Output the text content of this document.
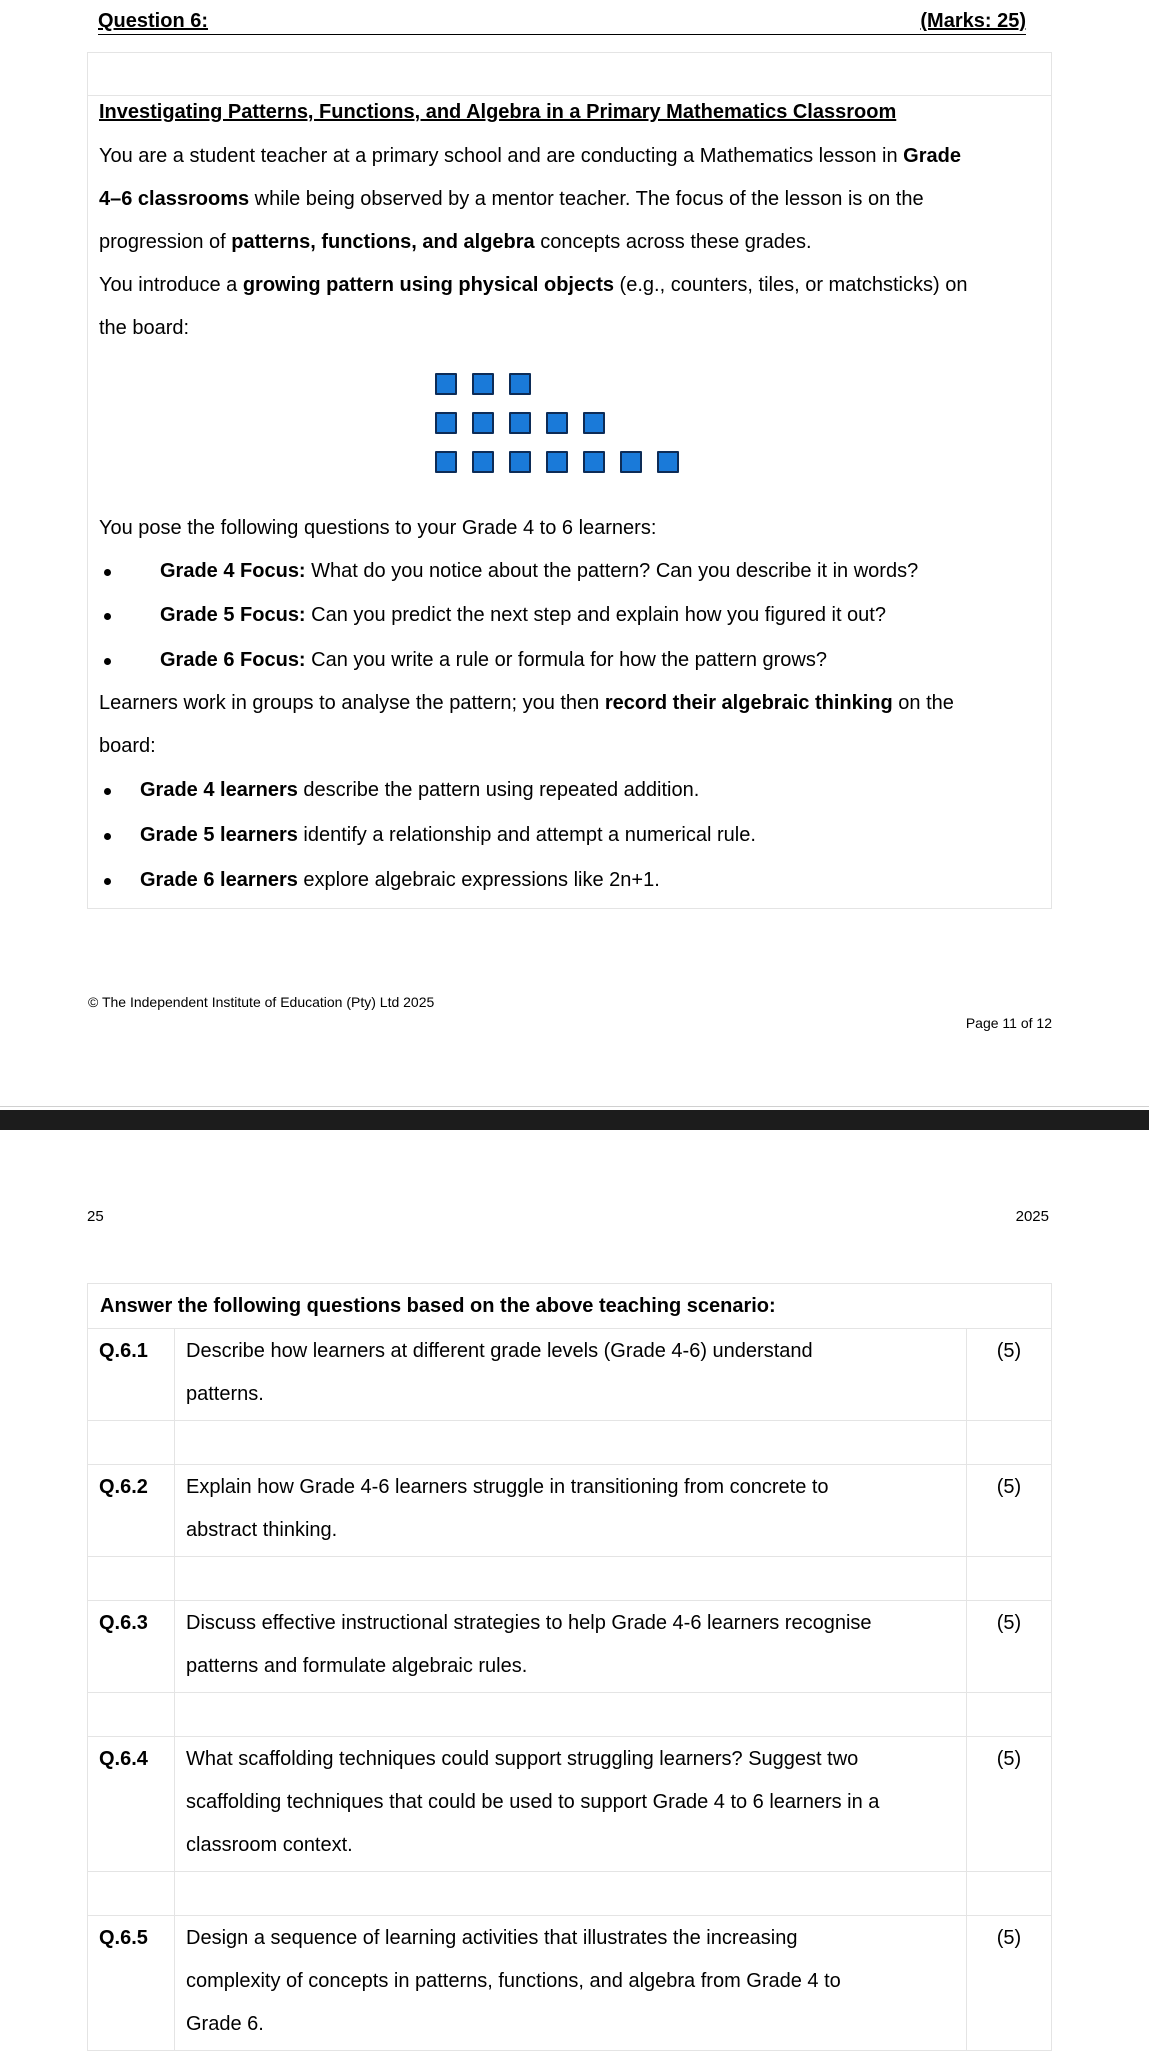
Question 6:	(Marks: 25)
Investigating Patterns, Functions, and Algebra in a Primary Mathematics Classroom
You are a student teacher at a primary school and are conducting a Mathematics lesson in Grade
4–6 classrooms while being observed by a mentor teacher. The focus of the lesson is on the
progression of patterns, functions, and algebra concepts across these grades.
You introduce a growing pattern using physical objects (e.g., counters, tiles, or matchsticks) on
the board:
You pose the following questions to your Grade 4 to 6 learners:
Grade 4 Focus: What do you notice about the pattern? Can you describe it in words?
Grade 5 Focus: Can you predict the next step and explain how you figured it out?
Grade 6 Focus: Can you write a rule or formula for how the pattern grows?
Learners work in groups to analyse the pattern; you then record their algebraic thinking on the
board:
Grade 4 learners describe the pattern using repeated addition.
Grade 5 learners identify a relationship and attempt a numerical rule.
Grade 6 learners explore algebraic expressions like 2n+1.
© The Independent Institute of Education (Pty) Ltd 2025
Page 11 of 12
25	2025
Answer the following questions based on the above teaching scenario:
Q.6.1	Describe how learners at different grade levels (Grade 4-6) understand
patterns.
(5)
Q.6.2	Explain how Grade 4-6 learners struggle in transitioning from concrete to
abstract thinking.
(5)
Q.6.3	Discuss effective instructional strategies to help Grade 4-6 learners recognise
patterns and formulate algebraic rules.
(5)
Q.6.4	What scaffolding techniques could support struggling learners? Suggest two
scaffolding techniques that could be used to support Grade 4 to 6 learners in a
classroom context.
(5)
Q.6.5	Design a sequence of learning activities that illustrates the increasing
complexity of concepts in patterns, functions, and algebra from Grade 4 to
Grade 6.
(5)
